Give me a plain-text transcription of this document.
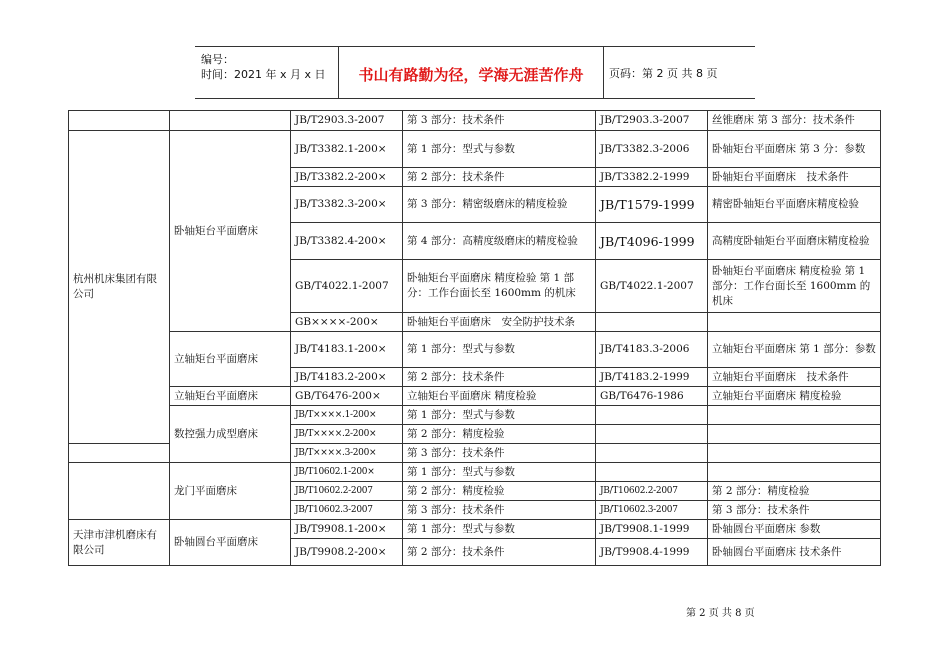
编号：
时间：2021 年 x 月 x 日	书山有路勤为径，学海无涯苦作舟	页码：第 2 页 共 8 页
		JB/T2903.3-2007	第 3 部分：技术条件	JB/T2903.3-2007	丝锥磨床 第 3 部分：技术条件
杭州机床集团有限公司	卧轴矩台平面磨床	JB/T3382.1-200×	第 1 部分：型式与参数	JB/T3382.3-2006	卧轴矩台平面磨床 第 3 分：参数
		JB/T3382.2-200×	第 2 部分：技术条件	JB/T3382.2-1999	卧轴矩台平面磨床　技术条件
		JB/T3382.3-200×	第 3 部分：精密级磨床的精度检验	JB/T1579-1999	精密卧轴矩台平面磨床精度检验
		JB/T3382.4-200×	第 4 部分：高精度级磨床的精度检验	JB/T4096-1999	高精度卧轴矩台平面磨床精度检验
		GB/T4022.1-2007	卧轴矩台平面磨床 精度检验 第 1 部分：工作台面长至 1600mm 的机床	GB/T4022.1-2007	卧轴矩台平面磨床 精度检验 第 1 部分：工作台面长至 1600mm 的机床
		GB××××-200×	卧轴矩台平面磨床　安全防护技术条		
	立轴矩台平面磨床	JB/T4183.1-200×	第 1 部分：型式与参数	JB/T4183.3-2006	立轴矩台平面磨床 第 1 部分：参数
		JB/T4183.2-200×	第 2 部分：技术条件	JB/T4183.2-1999	立轴矩台平面磨床　技术条件
	立轴矩台平面磨床	GB/T6476-200×	立轴矩台平面磨床 精度检验	GB/T6476-1986	立轴矩台平面磨床 精度检验
	数控强力成型磨床	JB/T××××.1-200×	第 1 部分：型式与参数		
		JB/T××××.2-200×	第 2 部分：精度检验		
		JB/T××××.3-200×	第 3 部分：技术条件		
	龙门平面磨床	JB/T10602.1-200×	第 1 部分：型式与参数		
		JB/T10602.2-2007	第 2 部分：精度检验	JB/T10602.2-2007	第 2 部分：精度检验
		JB/T10602.3-2007	第 3 部分：技术条件	JB/T10602.3-2007	第 3 部分：技术条件
天津市津机磨床有限公司	卧轴圆台平面磨床	JB/T9908.1-200×	第 1 部分：型式与参数	JB/T9908.1-1999	卧轴圆台平面磨床 参数
		JB/T9908.2-200×	第 2 部分：技术条件	JB/T9908.4-1999	卧轴圆台平面磨床 技术条件
第 2 页 共 8 页
